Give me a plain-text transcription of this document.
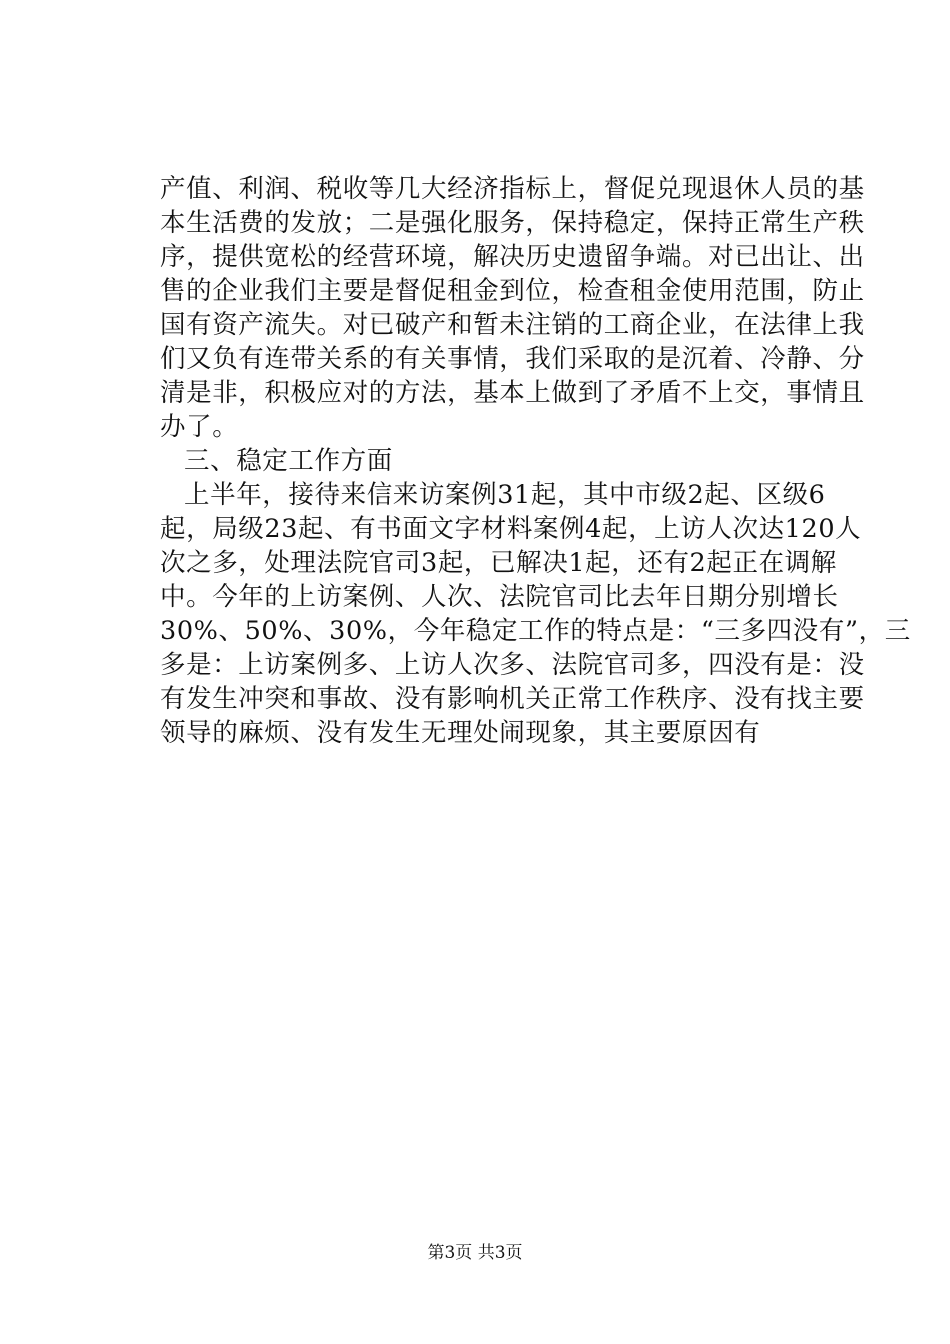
产值、利润、税收等几大经济指标上，督促兑现退休人员的基
本生活费的发放；二是强化服务，保持稳定，保持正常生产秩
序，提供宽松的经营环境，解决历史遗留争端。对已出让、出
售的企业我们主要是督促租金到位，检查租金使用范围，防止
国有资产流失。对已破产和暂未注销的工商企业，在法律上我
们又负有连带关系的有关事情，我们采取的是沉着、冷静、分
清是非，积极应对的方法，基本上做到了矛盾不上交，事情且
办了。
三、稳定工作方面
上半年，接待来信来访案例31起，其中市级2起、区级6
起，局级23起、有书面文字材料案例4起，上访人次达120人
次之多，处理法院官司3起，已解决1起，还有2起正在调解
中。今年的上访案例、人次、法院官司比去年日期分别增长
30%、50%、30%，今年稳定工作的特点是：“三多四没有”，三
多是：上访案例多、上访人次多、法院官司多，四没有是：没
有发生冲突和事故、没有影响机关正常工作秩序、没有找主要
领导的麻烦、没有发生无理处闹现象，其主要原因有
第3页 共3页
